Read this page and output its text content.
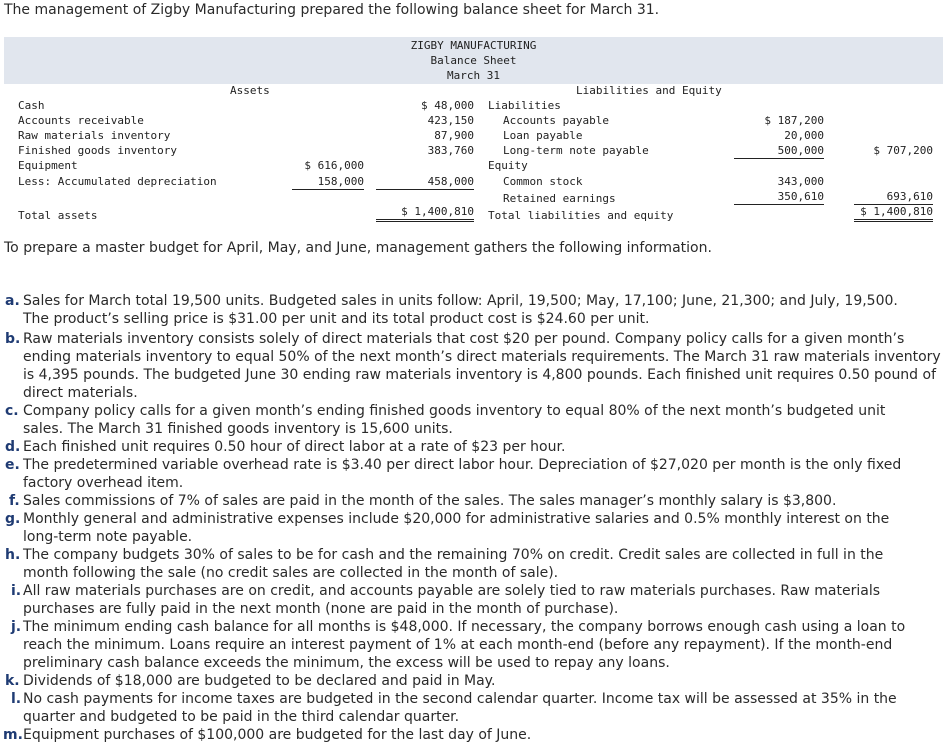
The management of Zigby Manufacturing prepared the following balance sheet for March 31.
ZIGBY MANUFACTURING
Balance Sheet
March 31
Assets	Liabilities and Equity
Cash
Accounts receivable
Raw materials inventory
Finished goods inventory
Equipment
Less: Accumulated depreciation
Total assets
$ 616,000
158,000
$ 48,000
423,150
87,900
383,760
458,000
$ 1,400,810
Liabilities
Accounts payable
Loan payable
Long-term note payable
Equity
Common stock
Retained earnings
Total liabilities and equity
$ 187,200
20,000
500,000
343,000
350,610
$ 707,200
693,610
$ 1,400,810
To prepare a master budget for April, May, and June, management gathers the following information.
a. Sales for March total 19,500 units. Budgeted sales in units follow: April, 19,500; May, 17,100; June, 21,300; and July, 19,500. The product’s selling price is $31.00 per unit and its total product cost is $24.60 per unit.
b. Raw materials inventory consists solely of direct materials that cost $20 per pound. Company policy calls for a given month’s ending materials inventory to equal 50% of the next month’s direct materials requirements. The March 31 raw materials inventory is 4,395 pounds. The budgeted June 30 ending raw materials inventory is 4,800 pounds. Each finished unit requires 0.50 pound of direct materials.
c. Company policy calls for a given month’s ending finished goods inventory to equal 80% of the next month’s budgeted unit sales. The March 31 finished goods inventory is 15,600 units.
d. Each finished unit requires 0.50 hour of direct labor at a rate of $23 per hour.
e. The predetermined variable overhead rate is $3.40 per direct labor hour. Depreciation of $27,020 per month is the only fixed factory overhead item.
f. Sales commissions of 7% of sales are paid in the month of the sales. The sales manager’s monthly salary is $3,800.
g. Monthly general and administrative expenses include $20,000 for administrative salaries and 0.5% monthly interest on the long-term note payable.
h. The company budgets 30% of sales to be for cash and the remaining 70% on credit. Credit sales are collected in full in the month following the sale (no credit sales are collected in the month of sale).
i. All raw materials purchases are on credit, and accounts payable are solely tied to raw materials purchases. Raw materials purchases are fully paid in the next month (none are paid in the month of purchase).
j. The minimum ending cash balance for all months is $48,000. If necessary, the company borrows enough cash using a loan to reach the minimum. Loans require an interest payment of 1% at each month-end (before any repayment). If the month-end preliminary cash balance exceeds the minimum, the excess will be used to repay any loans.
k. Dividends of $18,000 are budgeted to be declared and paid in May.
l. No cash payments for income taxes are budgeted in the second calendar quarter. Income tax will be assessed at 35% in the quarter and budgeted to be paid in the third calendar quarter.
m. Equipment purchases of $100,000 are budgeted for the last day of June.
